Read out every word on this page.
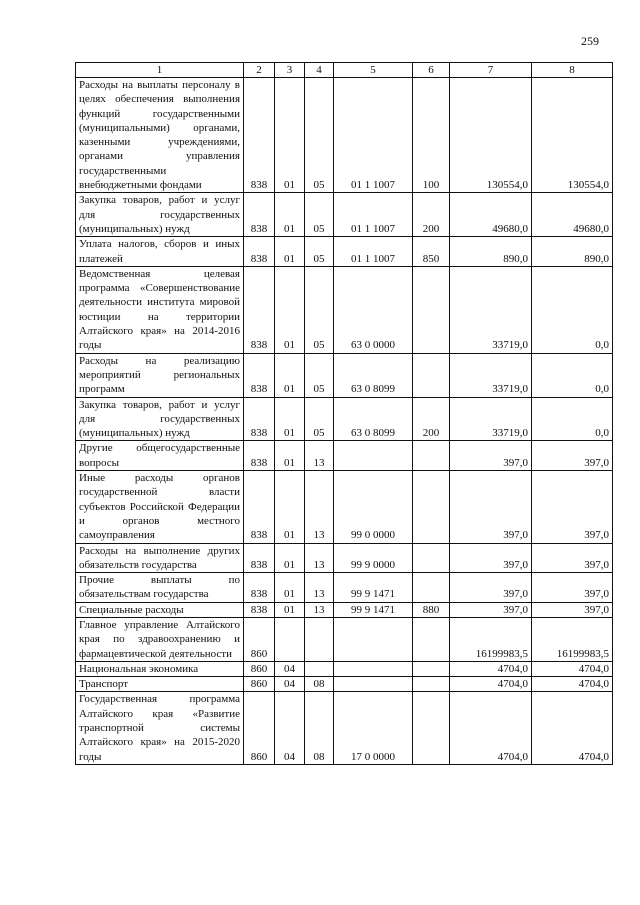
259
1	2	3	4	5	6	7	8
Расходы на выплаты персоналу в целях обеспечения выполнения функций государственными (муниципальными) органами, казенными учреждениями, органами управления государственными внебюджетными фондами	838	01	05	01 1 1007	100	130554,0	130554,0
Закупка товаров, работ и услуг для государственных (муниципальных) нужд	838	01	05	01 1 1007	200	49680,0	49680,0
Уплата налогов, сборов и иных платежей	838	01	05	01 1 1007	850	890,0	890,0
Ведомственная целевая программа «Совершенствование деятельности института мировой юстиции на территории Алтайского края» на 2014-2016 годы	838	01	05	63 0 0000		33719,0	0,0
Расходы на реализацию мероприятий региональных программ	838	01	05	63 0 8099		33719,0	0,0
Закупка товаров, работ и услуг для государственных (муниципальных) нужд	838	01	05	63 0 8099	200	33719,0	0,0
Другие общегосударственные вопросы	838	01	13			397,0	397,0
Иные расходы органов государственной власти субъектов Российской Федерации и органов местного самоуправления	838	01	13	99 0 0000		397,0	397,0
Расходы на выполнение других обязательств государства	838	01	13	99 9 0000		397,0	397,0
Прочие выплаты по обязательствам государства	838	01	13	99 9 1471		397,0	397,0
Специальные расходы	838	01	13	99 9 1471	880	397,0	397,0
Главное управление Алтайского края по здравоохранению и фармацевтической деятельности	860					16199983,5	16199983,5
Национальная экономика	860	04				4704,0	4704,0
Транспорт	860	04	08			4704,0	4704,0
Государственная программа Алтайского края «Развитие транспортной системы Алтайского края» на 2015-2020 годы	860	04	08	17 0 0000		4704,0	4704,0
